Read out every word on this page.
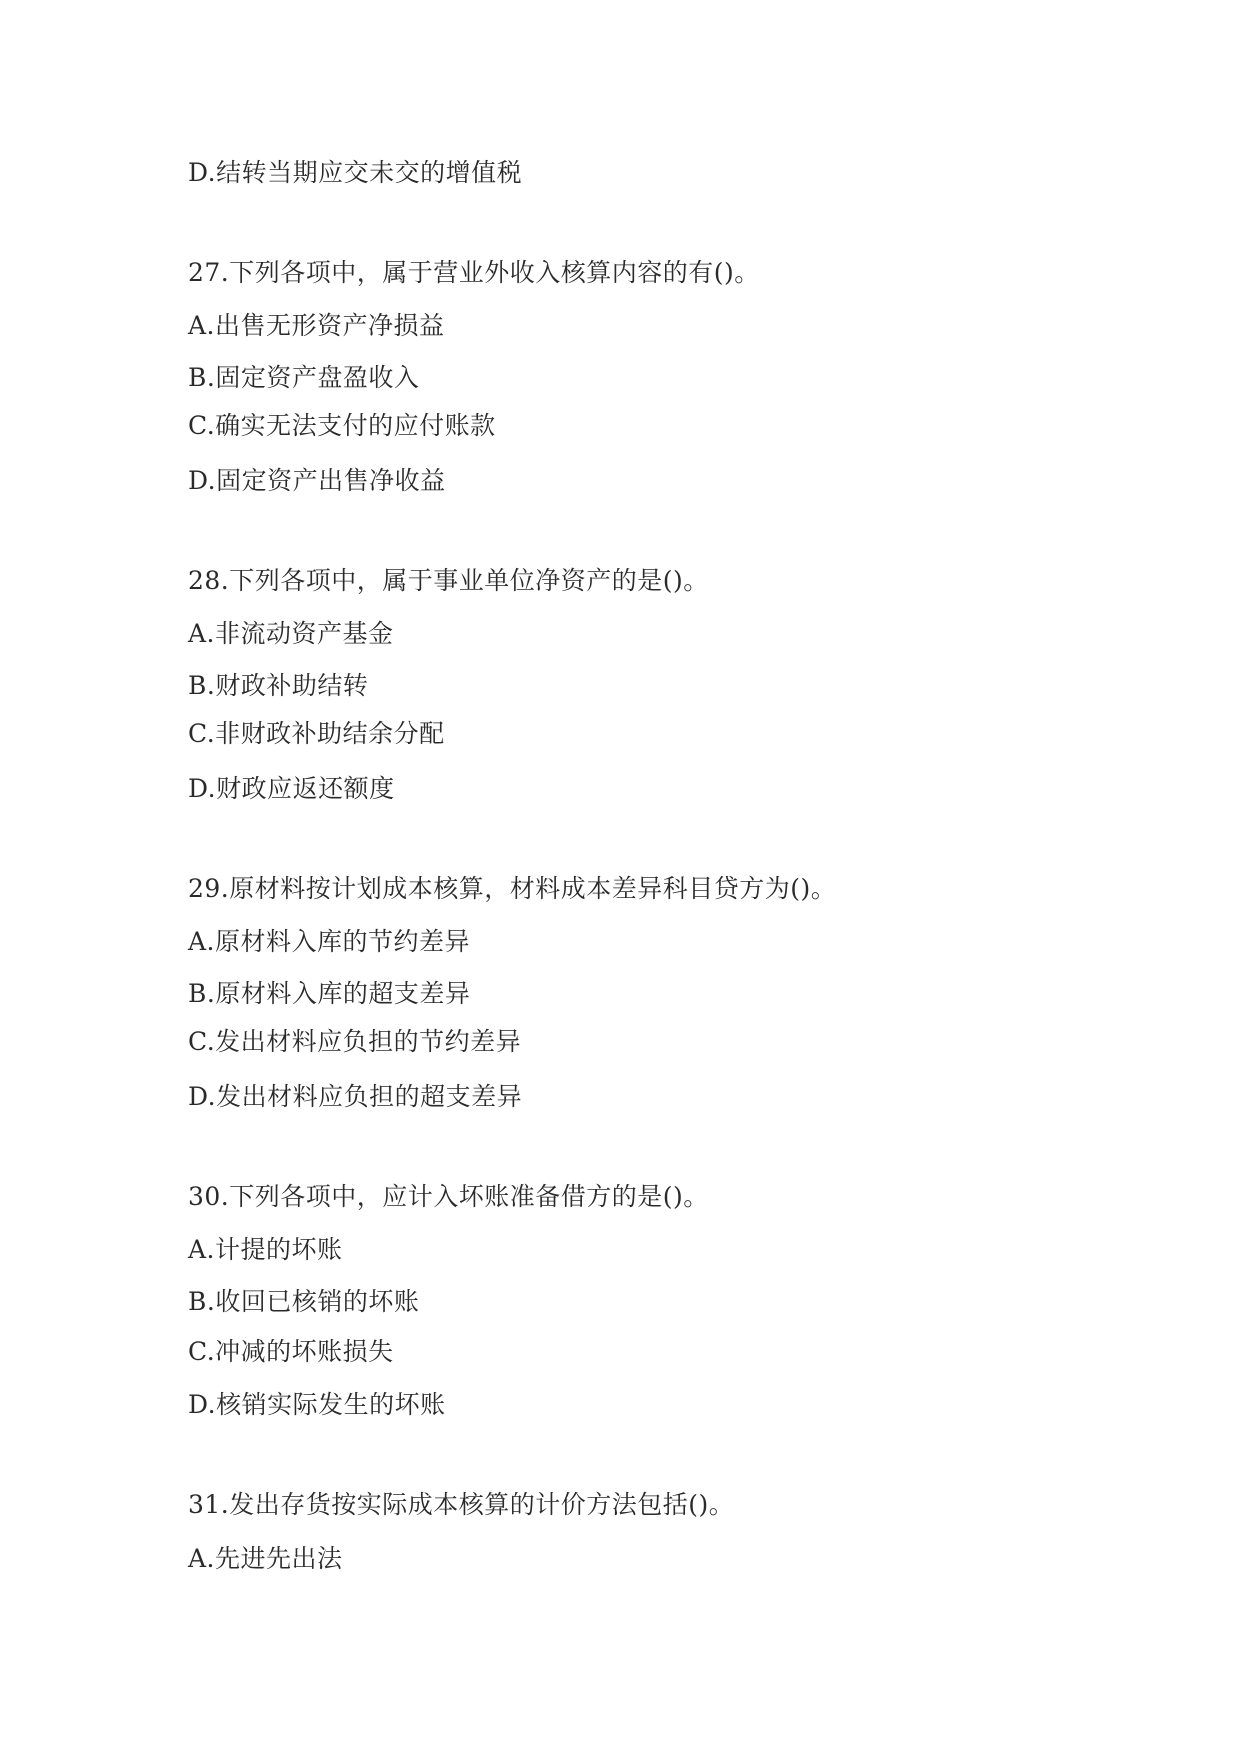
D.结转当期应交未交的增值税
27.下列各项中，属于营业外收入核算内容的有()。
A.出售无形资产净损益
B.固定资产盘盈收入
C.确实无法支付的应付账款
D.固定资产出售净收益
28.下列各项中，属于事业单位净资产的是()。
A.非流动资产基金
B.财政补助结转
C.非财政补助结余分配
D.财政应返还额度
29.原材料按计划成本核算，材料成本差异科目贷方为()。
A.原材料入库的节约差异
B.原材料入库的超支差异
C.发出材料应负担的节约差异
D.发出材料应负担的超支差异
30.下列各项中，应计入坏账准备借方的是()。
A.计提的坏账
B.收回已核销的坏账
C.冲减的坏账损失
D.核销实际发生的坏账
31.发出存货按实际成本核算的计价方法包括()。
A.先进先出法
